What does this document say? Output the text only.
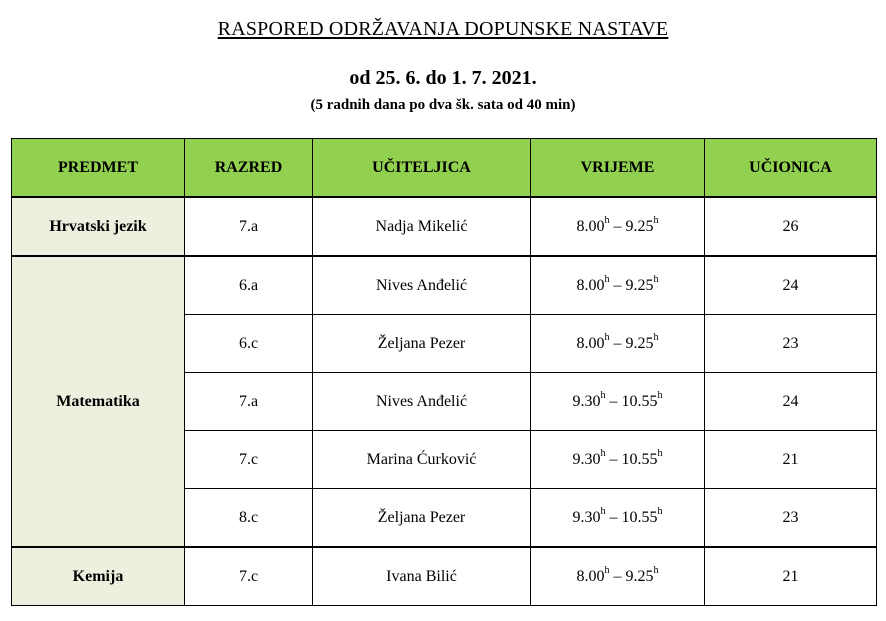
RASPORED ODRŽAVANJA DOPUNSKE NASTAVE
od 25. 6. do 1. 7. 2021.
(5 radnih dana po dva šk. sata od 40 min)
PREDMET	RAZRED	UČITELJICA	VRIJEME	UČIONICA
Hrvatski jezik	7.a	Nadja Mikelić	8.00$^h$ – 9.25$^h$	26
Matematika	6.a	Nives Anđelić	8.00$^h$ – 9.25$^h$	24
	6.c	Željana Pezer	8.00$^h$ – 9.25$^h$	23
	7.a	Nives Anđelić	9.30$^h$ – 10.55$^h$	24
	7.c	Marina Ćurković	9.30$^h$ – 10.55$^h$	21
	8.c	Željana Pezer	9.30$^h$ – 10.55$^h$	23
Kemija	7.c	Ivana Bilić	8.00$^h$ – 9.25$^h$	21
